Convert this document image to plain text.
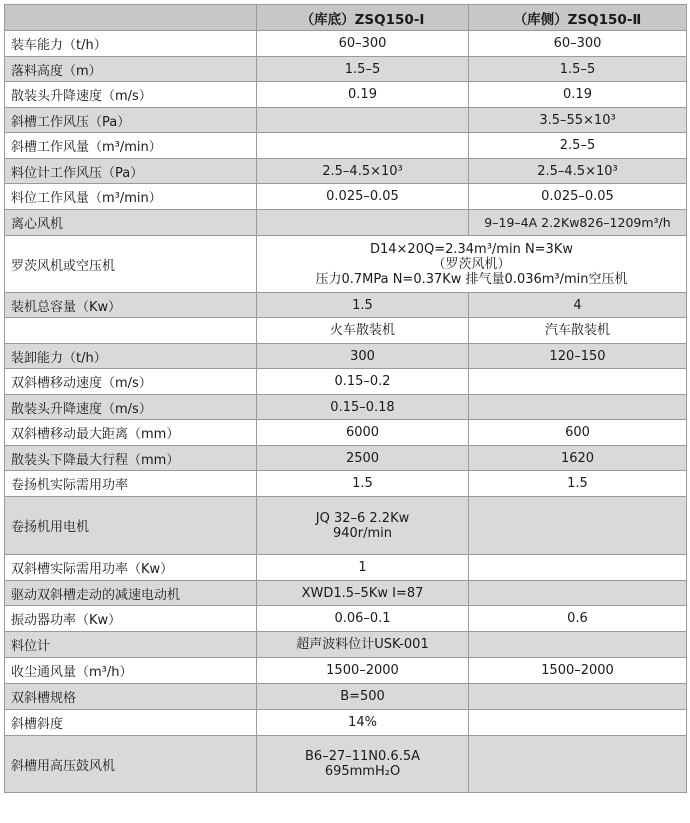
	（库底）ZSQ150-Ⅰ	（库侧）ZSQ150-Ⅱ
装车能力（t/h）	60–300	60–300
落料高度（m）	1.5–5	1.5–5
散装头升降速度（m/s）	0.19	0.19
斜槽工作风压（Pa）		3.5–55×10³
斜槽工作风量（m³/min）		2.5–5
料位计工作风压（Pa）	2.5–4.5×10³	2.5–4.5×10³
料位工作风量（m³/min）	0.025–0.05	0.025–0.05
离心风机		9–19–4A 2.2Kw826–1209m³/h
罗茨风机或空压机	D14×20Q=2.34m³/min N=3Kw
（罗茨风机）
压力0.7MPa N=0.37Kw 排气量0.036m³/min空压机	

装机总容量（Kw）	1.5	4
	火车散装机	汽车散装机
装卸能力（t/h）	300	120–150
双斜槽移动速度（m/s）	0.15–0.2	
散装头升降速度（m/s）	0.15–0.18	
双斜槽移动最大距离（mm）	6000	600
散装头下降最大行程（mm）	2500	1620
卷扬机实际需用功率	1.5	1.5
卷扬机用电机	JQ 32–6 2.2Kw
940r/min	

双斜槽实际需用功率（Kw）	1	
驱动双斜槽走动的减速电动机	XWD1.5–5Kw I=87	
振动器功率（Kw）	0.06–0.1	0.6
料位计	超声波料位计USK-001	
收尘通风量（m³/h）	1500–2000	1500–2000
双斜槽规格	B=500	
斜槽斜度	14%	
斜槽用高压鼓风机	B6–27–11N0.6.5A
695mmH₂O	
